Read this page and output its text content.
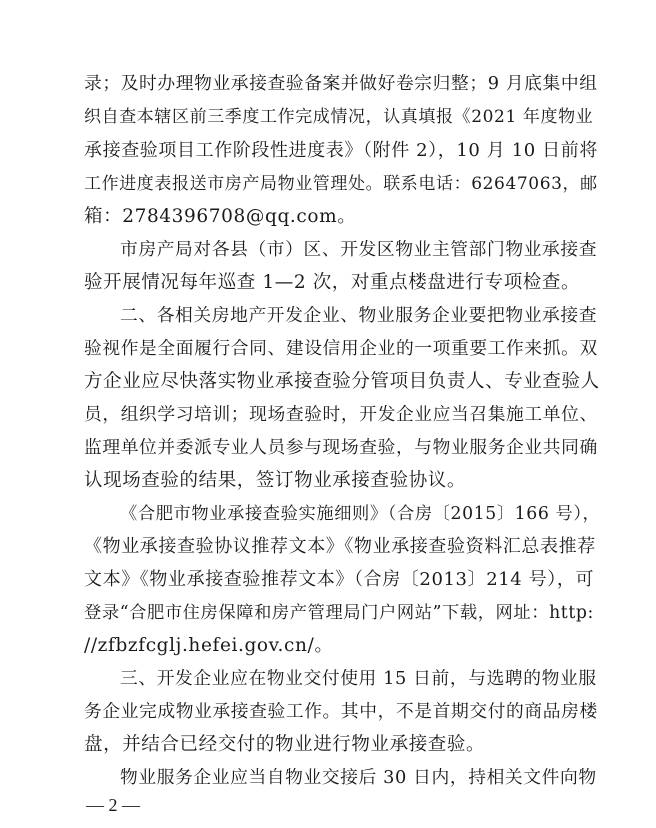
录；及时办理物业承接查验备案并做好卷宗归整；9 月底集中组
织自查本辖区前三季度工作完成情况，认真填报《2021 年度物业
承接查验项目工作阶段性进度表》（附件 2），10 月 10 日前将
工作进度表报送市房产局物业管理处。联系电话：62647063，邮
箱：2784396708@qq.com。
市房产局对各县（市）区、开发区物业主管部门物业承接查
验开展情况每年巡查 1—2 次，对重点楼盘进行专项检查。
二、各相关房地产开发企业、物业服务企业要把物业承接查
验视作是全面履行合同、建设信用企业的一项重要工作来抓。双
方企业应尽快落实物业承接查验分管项目负责人、专业查验人
员，组织学习培训；现场查验时，开发企业应当召集施工单位、
监理单位并委派专业人员参与现场查验，与物业服务企业共同确
认现场查验的结果，签订物业承接查验协议。
《合肥市物业承接查验实施细则》（合房〔2015〕166 号），
《物业承接查验协议推荐文本》《物业承接查验资料汇总表推荐
文本》《物业承接查验推荐文本》（合房〔2013〕214 号），可
登录“合肥市住房保障和房产管理局门户网站”下载，网址：http:
//zfbzfcglj.hefei.gov.cn/。
三、开发企业应在物业交付使用 15 日前，与选聘的物业服
务企业完成物业承接查验工作。其中，不是首期交付的商品房楼
盘，并结合已经交付的物业进行物业承接查验。
物业服务企业应当自物业交接后 30 日内，持相关文件向物
— 2 —
